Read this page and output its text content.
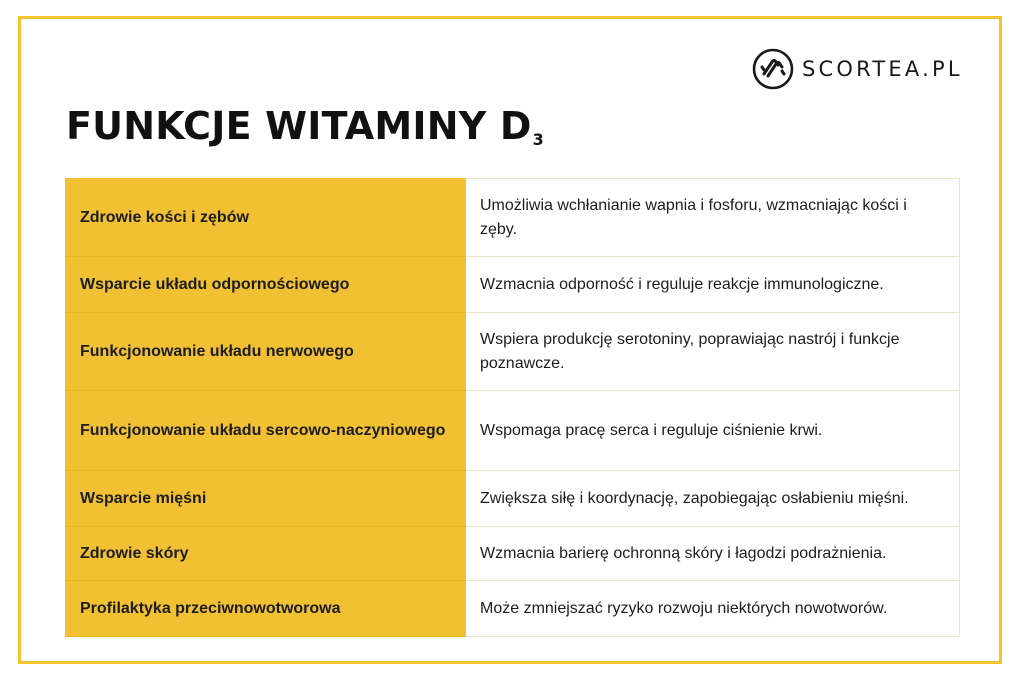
SCORTEA.PL
FUNKCJE WITAMINY $D_3$
Zdrowie kości i zębów	Umożliwia wchłanianie wapnia i fosforu, wzmacniając kości i zęby.
Wsparcie układu odpornościowego	Wzmacnia odporność i reguluje reakcje immunologiczne.
Funkcjonowanie układu nerwowego	Wspiera produkcję serotoniny, poprawiając nastrój i funkcje poznawcze.
Funkcjonowanie układu sercowo-naczyniowego	Wspomaga pracę serca i reguluje ciśnienie krwi.
Wsparcie mięśni	Zwiększa siłę i koordynację, zapobiegając osłabieniu mięśni.
Zdrowie skóry	Wzmacnia barierę ochronną skóry i łagodzi podrażnienia.
Profilaktyka przeciwnowotworowa	Może zmniejszać ryzyko rozwoju niektórych nowotworów.
